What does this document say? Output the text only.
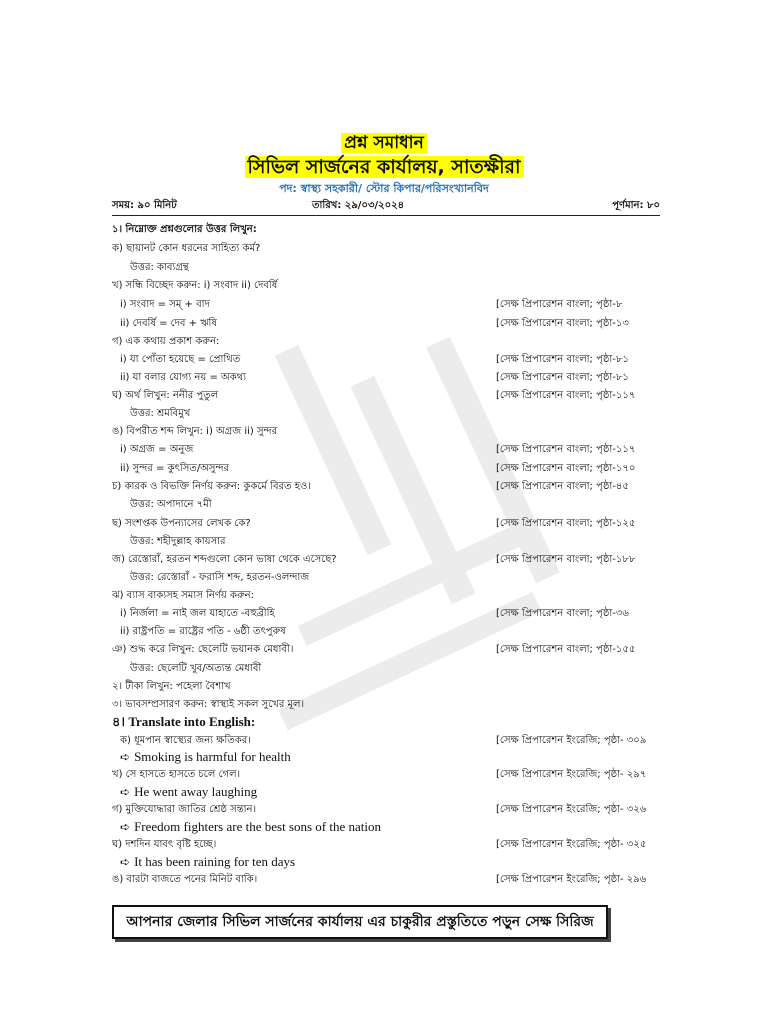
প্রশ্ন সমাধান
সিভিল সার্জনের কার্যালয়, সাতক্ষীরা
পদ: স্বাস্থ্য সহকারী/ স্টোর কিপার/পরিসংখ্যানবিদ
সময়: ৯০ মিনিট	তারিখ: ২৯/০৩/২০২৪	পূর্ণমান: ৮০
১। নিম্নোক্ত প্রশ্নগুলোর উত্তর লিখুন:
ক) ছায়ানট কোন ধরনের সাহিত্য কর্ম?
উত্তর: কাব্যগ্রন্থ
খ) সন্ধি বিচ্ছেদ করুন: i) সংবাদ ii) দেবর্ষি
i) সংবাদ = সম্ + বাদ	[সেক্ষ প্রিপারেশন বাংলা; পৃষ্ঠা-৮
ii) দেবর্ষি = দেব + ঋষি	[সেক্ষ প্রিপারেশন বাংলা; পৃষ্ঠা-১৩
গ) এক কথায় প্রকাশ করুন:
i) যা পোঁতা হয়েছে = প্রোথিত	[সেক্ষ প্রিপারেশন বাংলা; পৃষ্ঠা-৮১
ii) যা বলার যোগ্য নয় = অকথ্য	[সেক্ষ প্রিপারেশন বাংলা; পৃষ্ঠা-৮১
ঘ) অর্থ লিখুন: ননীর পুতুল	[সেক্ষ প্রিপারেশন বাংলা; পৃষ্ঠা-১১৭
উত্তর: শ্রমবিমুখ
ঙ) বিপরীত শব্দ লিখুন: i) অগ্রজ ii) সুন্দর
i) অগ্রজ = অনুজ	[সেক্ষ প্রিপারেশন বাংলা; পৃষ্ঠা-১১৭
ii) সুন্দর = কুৎসিত/অসুন্দর	[সেক্ষ প্রিপারেশন বাংলা; পৃষ্ঠা-১৭০
চ) কারক ও বিভক্তি নির্ণয় করুন: কুকর্মে বিরত হও।	[সেক্ষ প্রিপারেশন বাংলা; পৃষ্ঠা-৪৫
উত্তর: অপাদানে ৭মী
ছ) সংশপ্তক উপন্যাসের লেখক কে?	[সেক্ষ প্রিপারেশন বাংলা; পৃষ্ঠা-১২৫
উত্তর: শহীদুল্লাহ কায়সার
জ) রেস্তোরাঁ, হরতন শব্দগুলো কোন ভাষা থেকে এসেছে?	[সেক্ষ প্রিপারেশন বাংলা; পৃষ্ঠা-১৮৮
উত্তর: রেস্তোরাঁ - ফরাসি শব্দ, হরতন-ওলন্দাজ
ঝ) ব্যাস বাক্যসহ সমাস নির্ণয় করুন:
i) নির্জলা = নাই জল যাহাতে -বহুব্রীহি	[সেক্ষ প্রিপারেশন বাংলা; পৃষ্ঠা-৩৬
ii) রাষ্ট্রপতি = রাষ্ট্রের পতি - ৬ষ্ঠী তৎপুরুষ
ঞ) শুদ্ধ করে লিখুন: ছেলেটি ভয়ানক মেধাবী।	[সেক্ষ প্রিপারেশন বাংলা; পৃষ্ঠা-১৫৫
উত্তর: ছেলেটি খুব/অত্যন্ত মেধাবী
২। টীকা লিখুন: পহেলা বৈশাখ
৩। ভাবসম্প্রসারণ করুন: স্বাস্থ্যই সকল সুখের মূল।
৪। Translate into English:
ক) ধূমপান স্বাস্থ্যের জন্য ক্ষতিকর।	[সেক্ষ প্রিপারেশন ইংরেজি; পৃষ্ঠা- ৩০৯
➪ Smoking is harmful for health
খ) সে হাসতে হাসতে চলে গেল।	[সেক্ষ প্রিপারেশন ইংরেজি; পৃষ্ঠা- ২৯৭
➪ He went away laughing
গ) মুক্তিযোদ্ধারা জাতির শ্রেষ্ঠ সন্তান।	[সেক্ষ প্রিপারেশন ইংরেজি; পৃষ্ঠা- ৩২৬
➪ Freedom fighters are the best sons of the nation
ঘ) দশদিন যাবৎ বৃষ্টি হচ্ছে।	[সেক্ষ প্রিপারেশন ইংরেজি; পৃষ্ঠা- ৩২৫
➪ It has been raining for ten days
ঙ) বারটা বাজতে পনের মিনিট বাকি।	[সেক্ষ প্রিপারেশন ইংরেজি; পৃষ্ঠা- ২৯৬
আপনার জেলার সিভিল সার্জনের কার্যালয় এর চাকুরীর প্রস্তুতিতে পড়ুন সেক্ষ সিরিজ
